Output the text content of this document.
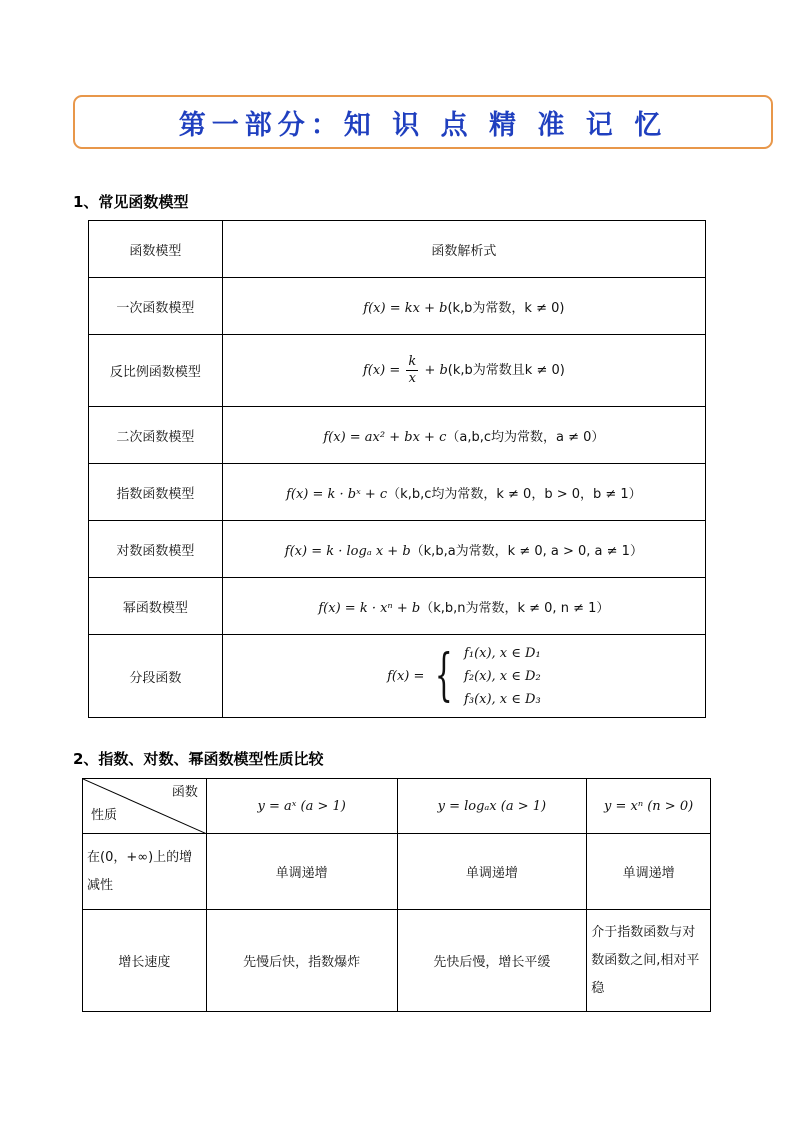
第一部分：知 识 点 精 准 记 忆
1、常见函数模型
函数模型	函数解析式
一次函数模型	f(x) = kx + b(k,b为常数，k ≠ 0)
反比例函数模型	$f(x) = \frac{k}{x} + b(k,b$为常数且k ≠ 0)
二次函数模型	f(x) = ax² + bx + c（a,b,c均为常数，a ≠ 0）
指数函数模型	f(x) = k · bˣ + c（k,b,c均为常数，k ≠ 0，b > 0，b ≠ 1）
对数函数模型	f(x) = k · logₐ x + b（k,b,a为常数，k ≠ 0, a > 0, a ≠ 1）
幂函数模型	f(x) = k · xⁿ + b（k,b,n为常数，k ≠ 0, n ≠ 1）
分段函数	f(x) = { f₁(x), x ∈ D₁
f₂(x), x ∈ D₂
f₃(x), x ∈ D₃
2、指数、对数、幂函数模型性质比较
函数
性质	y = aˣ (a > 1)	y = logₐx (a > 1)	y = xⁿ (n > 0)
在(0，+∞)上的增减性	单调递增	单调递增	单调递增
增长速度	先慢后快，指数爆炸	先快后慢，增长平缓	介于指数函数与对数函数之间,相对平稳
